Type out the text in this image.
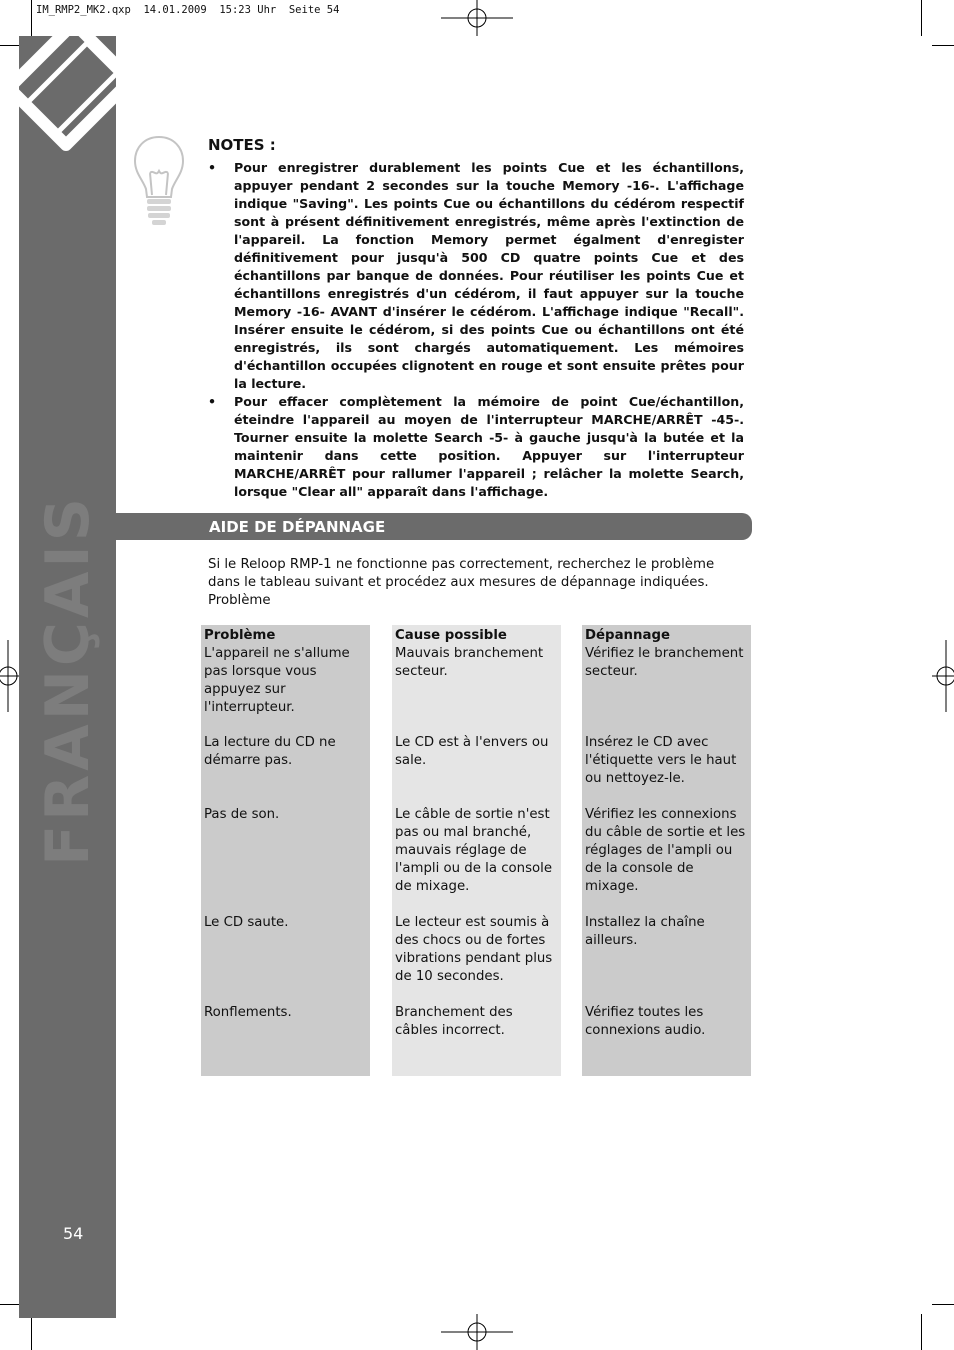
IM_RMP2_MK2.qxp  14.01.2009  15:23 Uhr  Seite 54
FRANÇAIS
54

NOTES :

• Pour enregistrer durablement les points Cue et les échantillons, appuyer pendant 2 secondes sur la touche Memory -16-. L'affichage indique "Saving". Les points Cue ou échantillons du cédérom respectif sont à présent définitivement enregistrés, même après l'extinction de l'appareil. La fonction Memory permet égalment d'enregister définitivement pour jusqu'à 500 CD quatre points Cue et des échantillons par banque de données. Pour réutiliser les points Cue et échantillons enregistrés d'un cédérom, il faut appuyer sur la touche Memory -16- AVANT d'insérer le cédérom. L'affichage indique "Recall". Insérer ensuite le cédérom, si des points Cue ou échantillons ont été enregistrés, ils sont chargés automatiquement. Les mémoires d'échantillon occupées clignotent en rouge et sont ensuite prêtes pour la lecture.
• Pour effacer complètement la mémoire de point Cue/échantillon, éteindre l'appareil au moyen de l'interrupteur MARCHE/ARRÊT -45-. Tourner ensuite la molette Search -5- à gauche jusqu'à la butée et la maintenir dans cette position. Appuyer sur l'interrupteur MARCHE/ARRÊT pour rallumer l'appareil ; relâcher la molette Search, lorsque "Clear all" apparaît dans l'affichage.
AIDE DE DÉPANNAGE

Si le Reloop RMP-1 ne fonctionne pas correctement, recherchez le problème dans le tableau suivant et procédez aux mesures de dépannage indiquées.

Problème

Problème
L'appareil ne s'allume pas lorsque vous appuyez sur l'interrupteur.
La lecture du CD ne démarre pas.
Pas de son.
Le CD saute.
Ronflements.
Cause possible
Mauvais branchement secteur.
Le CD est à l'envers ou sale.
Le câble de sortie n'est pas ou mal branché, mauvais réglage de l'ampli ou de la console de mixage.
Le lecteur est soumis à des chocs ou de fortes vibrations pendant plus de 10 secondes.
Branchement des câbles incorrect.
Dépannage
Vérifiez le branchement secteur.
Insérez le CD avec l'étiquette vers le haut ou nettoyez-le.
Vérifiez les connexions du câble de sortie et les réglages de l'ampli ou de la console de mixage.
Installez la chaîne ailleurs.
Vérifiez toutes les connexions audio.
